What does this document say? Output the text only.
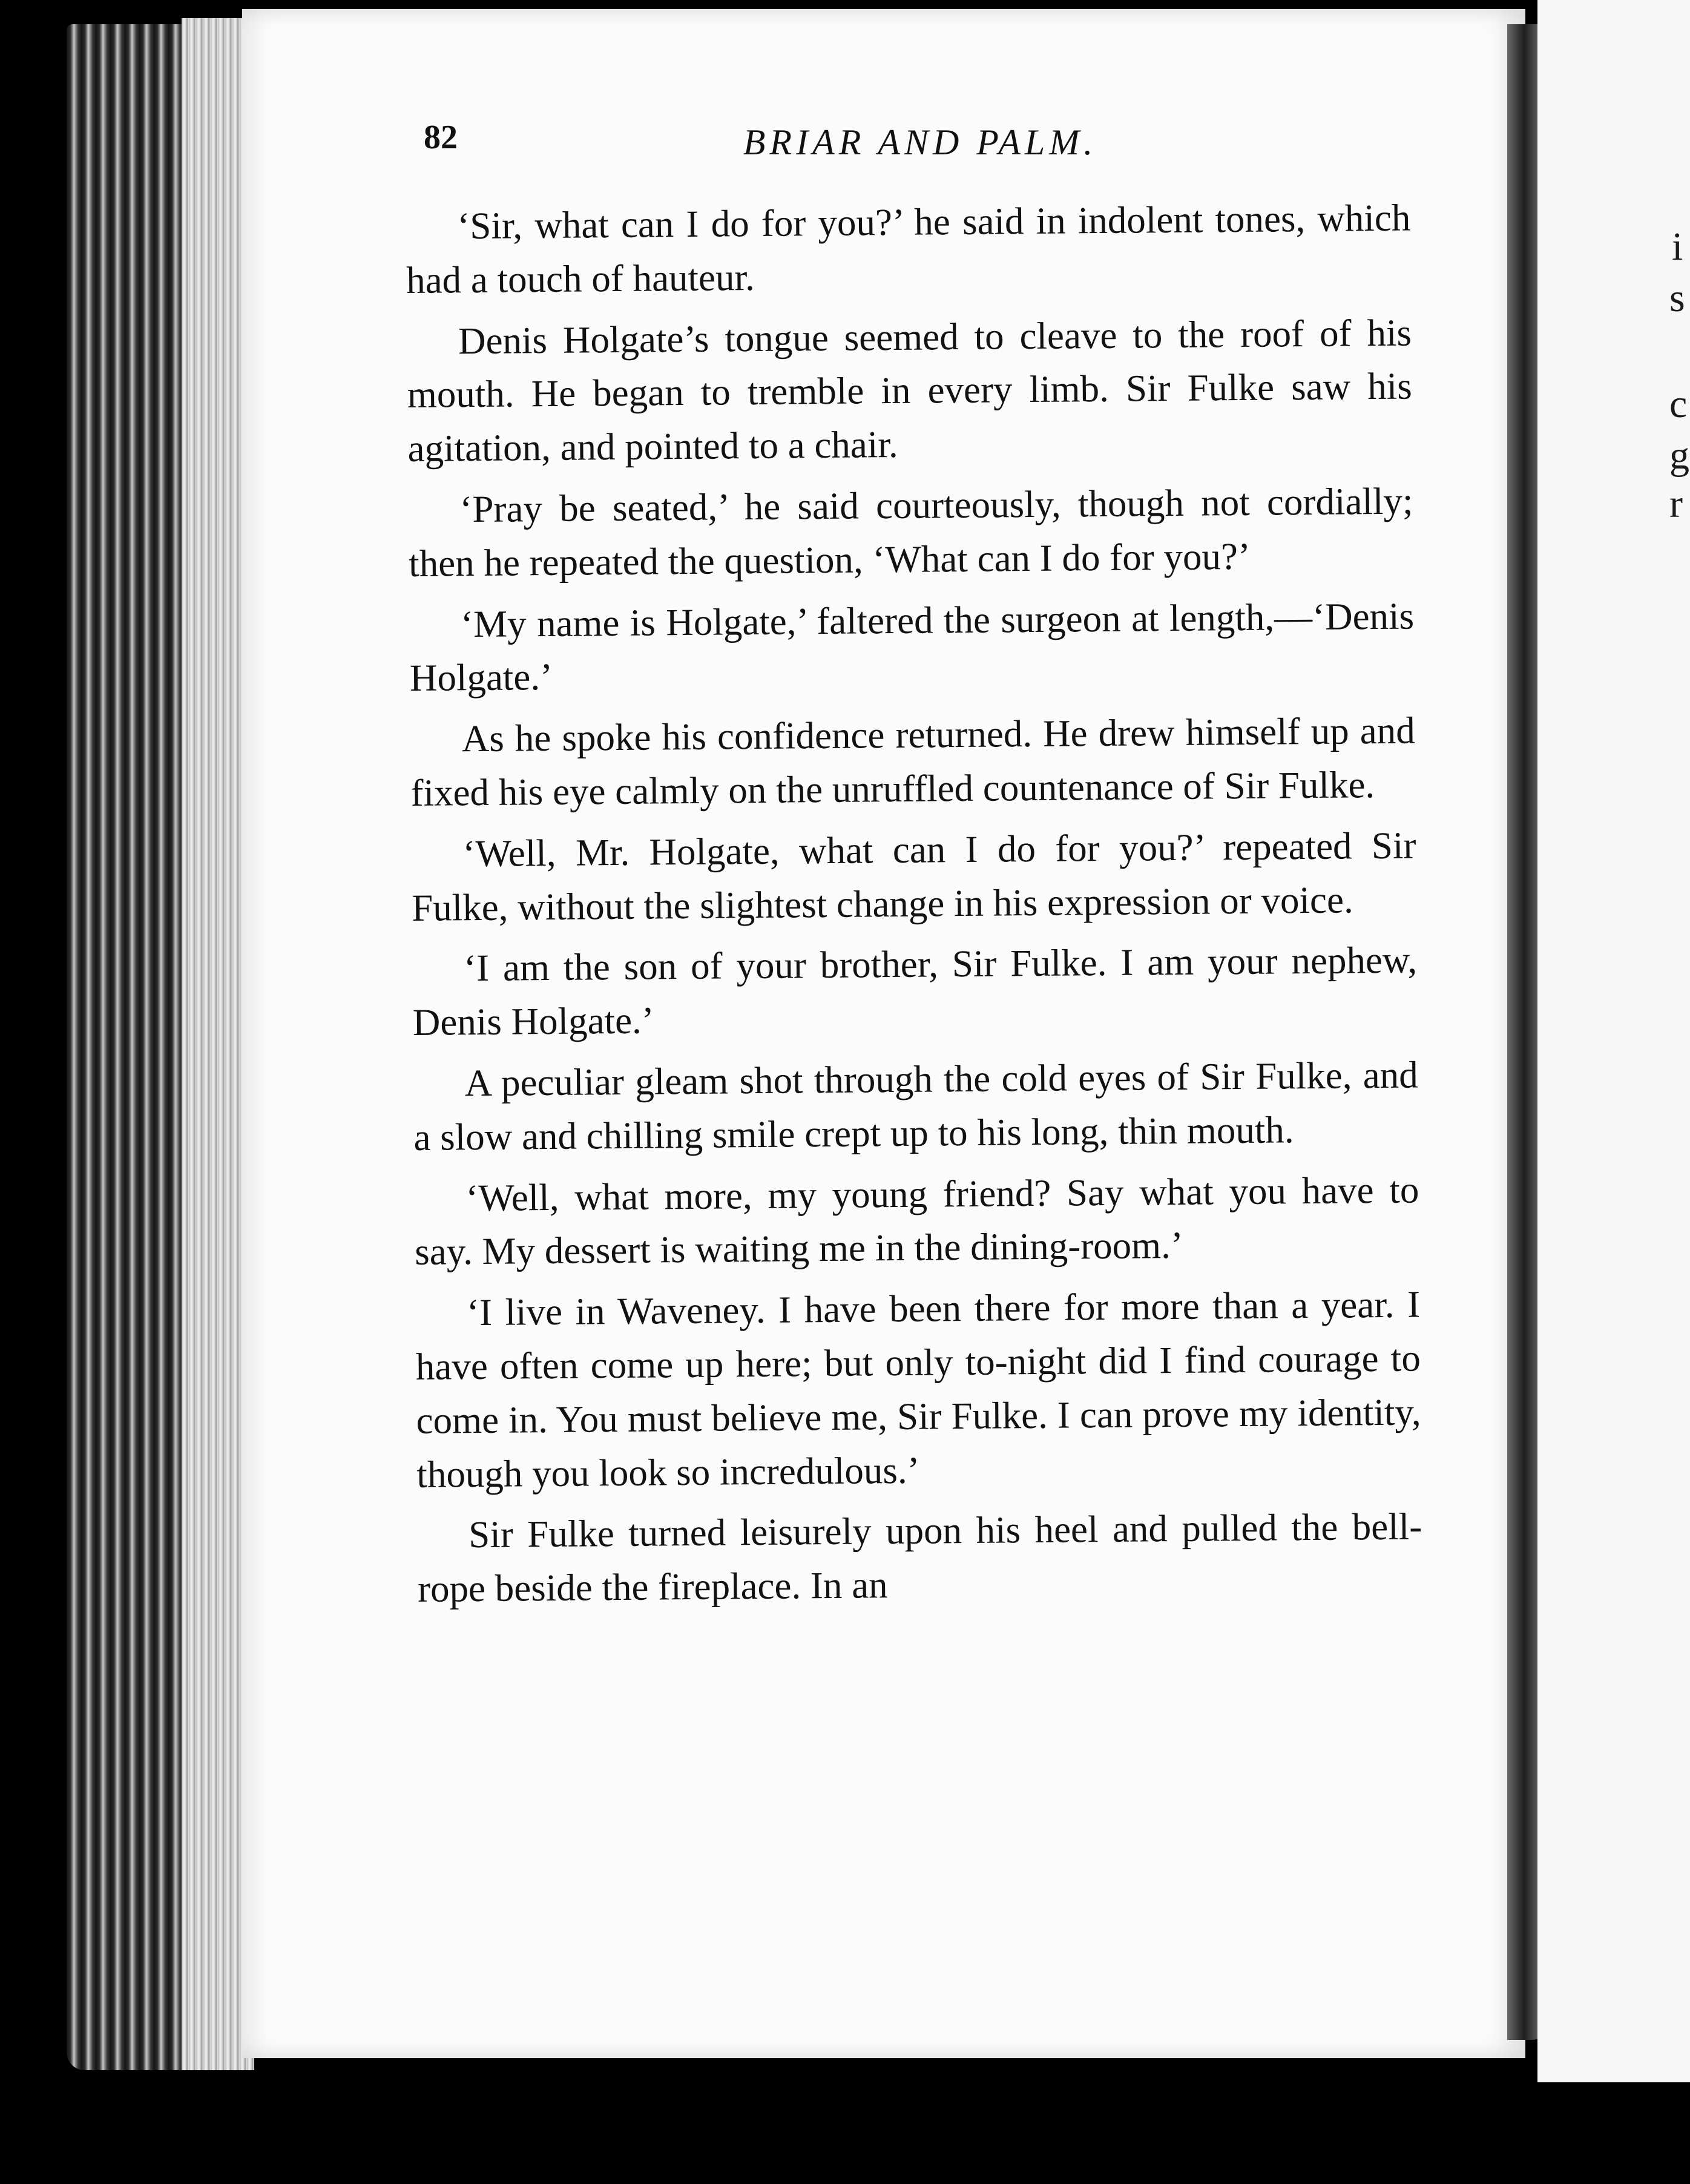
82	BRIAR AND PALM.

‘Sir, what can I do for you?’ he said in indolent tones, which had a touch of hauteur.

Denis Holgate’s tongue seemed to cleave to the roof of his mouth. He began to tremble in every limb. Sir Fulke saw his agitation, and pointed to a chair.

‘Pray be seated,’ he said courteously, though not cordially; then he repeated the question, ‘What can I do for you?’

‘My name is Holgate,’ faltered the surgeon at length,—‘Denis Holgate.’

As he spoke his confidence returned. He drew himself up and fixed his eye calmly on the unruffled countenance of Sir Fulke.

‘Well, Mr. Holgate, what can I do for you?’ repeated Sir Fulke, without the slightest change in his expression or voice.

‘I am the son of your brother, Sir Fulke. I am your nephew, Denis Holgate.’

A peculiar gleam shot through the cold eyes of Sir Fulke, and a slow and chilling smile crept up to his long, thin mouth.

‘Well, what more, my young friend? Say what you have to say. My dessert is waiting me in the dining-room.’

‘I live in Waveney. I have been there for more than a year. I have often come up here; but only to-night did I find courage to come in. You must believe me, Sir Fulke. I can prove my identity, though you look so incredulous.’

Sir Fulke turned leisurely upon his heel and pulled the bell-rope beside the fireplace. In an

i
s
c
g
r
